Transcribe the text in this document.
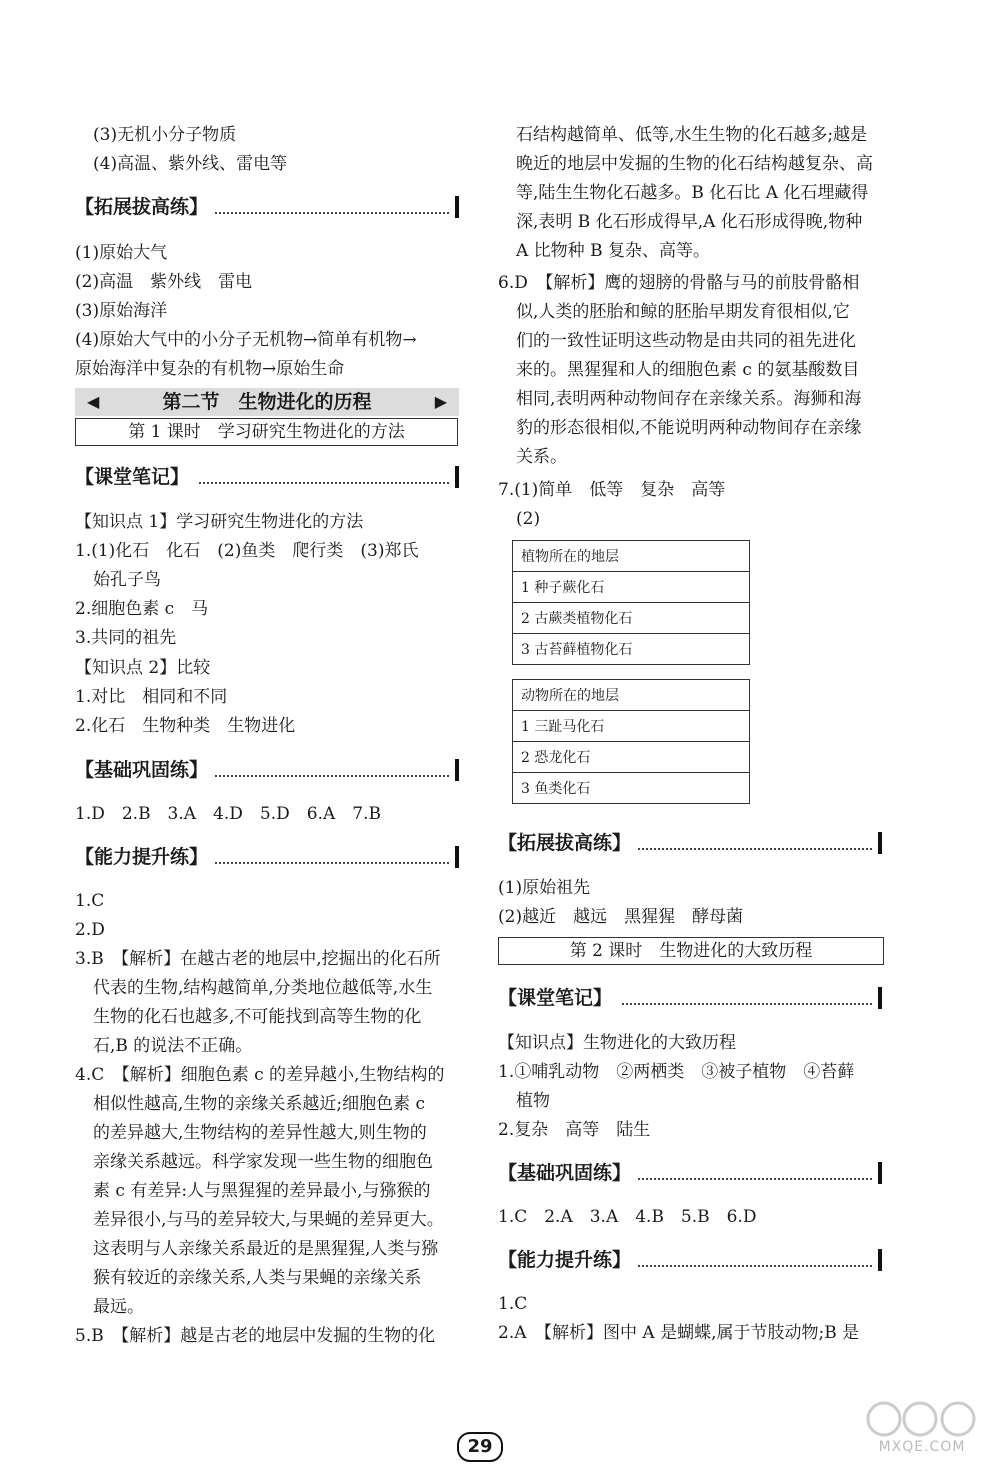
(3)无机小分子物质
(4)高温、紫外线、雷电等
【拓展拔高练】
(1)原始大气
(2)高温　紫外线　雷电
(3)原始海洋
(4)原始大气中的小分子无机物→简单有机物→
原始海洋中复杂的有机物→原始生命
◀	第二节　生物进化的历程	▶
第 1 课时　学习研究生物进化的方法
【课堂笔记】
【知识点 1】学习研究生物进化的方法
1.(1)化石　化石　(2)鱼类　爬行类　(3)郑氏
始孔子鸟
2.细胞色素 c　马
3.共同的祖先
【知识点 2】比较
1.对比　相同和不同
2.化石　生物种类　生物进化
【基础巩固练】
1.D　2.B　3.A　4.D　5.D　6.A　7.B
【能力提升练】
1.C
2.D
3.B　【解析】在越古老的地层中,挖掘出的化石所
代表的生物,结构越简单,分类地位越低等,水生
生物的化石也越多,不可能找到高等生物的化
石,B 的说法不正确。
4.C　【解析】细胞色素 c 的差异越小,生物结构的
相似性越高,生物的亲缘关系越近;细胞色素 c
的差异越大,生物结构的差异性越大,则生物的
亲缘关系越远。科学家发现一些生物的细胞色
素 c 有差异:人与黑猩猩的差异最小,与猕猴的
差异很小,与马的差异较大,与果蝇的差异更大。
这表明与人亲缘关系最近的是黑猩猩,人类与猕
猴有较近的亲缘关系,人类与果蝇的亲缘关系
最远。
5.B　【解析】越是古老的地层中发掘的生物的化
石结构越简单、低等,水生生物的化石越多;越是
晚近的地层中发掘的生物的化石结构越复杂、高
等,陆生生物化石越多。B 化石比 A 化石埋藏得
深,表明 B 化石形成得早,A 化石形成得晚,物种
A 比物种 B 复杂、高等。
6.D　【解析】鹰的翅膀的骨骼与马的前肢骨骼相
似,人类的胚胎和鲸的胚胎早期发育很相似,它
们的一致性证明这些动物是由共同的祖先进化
来的。黑猩猩和人的细胞色素 c 的氨基酸数目
相同,表明两种动物间存在亲缘关系。海狮和海
豹的形态很相似,不能说明两种动物间存在亲缘
关系。
7.(1)简单　低等　复杂　高等
(2)
植物所在的地层
1 种子蕨化石
2 古蕨类植物化石
3 古苔藓植物化石
动物所在的地层
1 三趾马化石
2 恐龙化石
3 鱼类化石
【拓展拔高练】
(1)原始祖先
(2)越近　越远　黑猩猩　酵母菌
第 2 课时　生物进化的大致历程
【课堂笔记】
【知识点】生物进化的大致历程
1.①哺乳动物　②两栖类　③被子植物　④苔藓
植物
2.复杂　高等　陆生
【基础巩固练】
1.C　2.A　3.A　4.B　5.B　6.D
【能力提升练】
1.C
2.A　【解析】图中 A 是蝴蝶,属于节肢动物;B 是
29	MXQE.COM
